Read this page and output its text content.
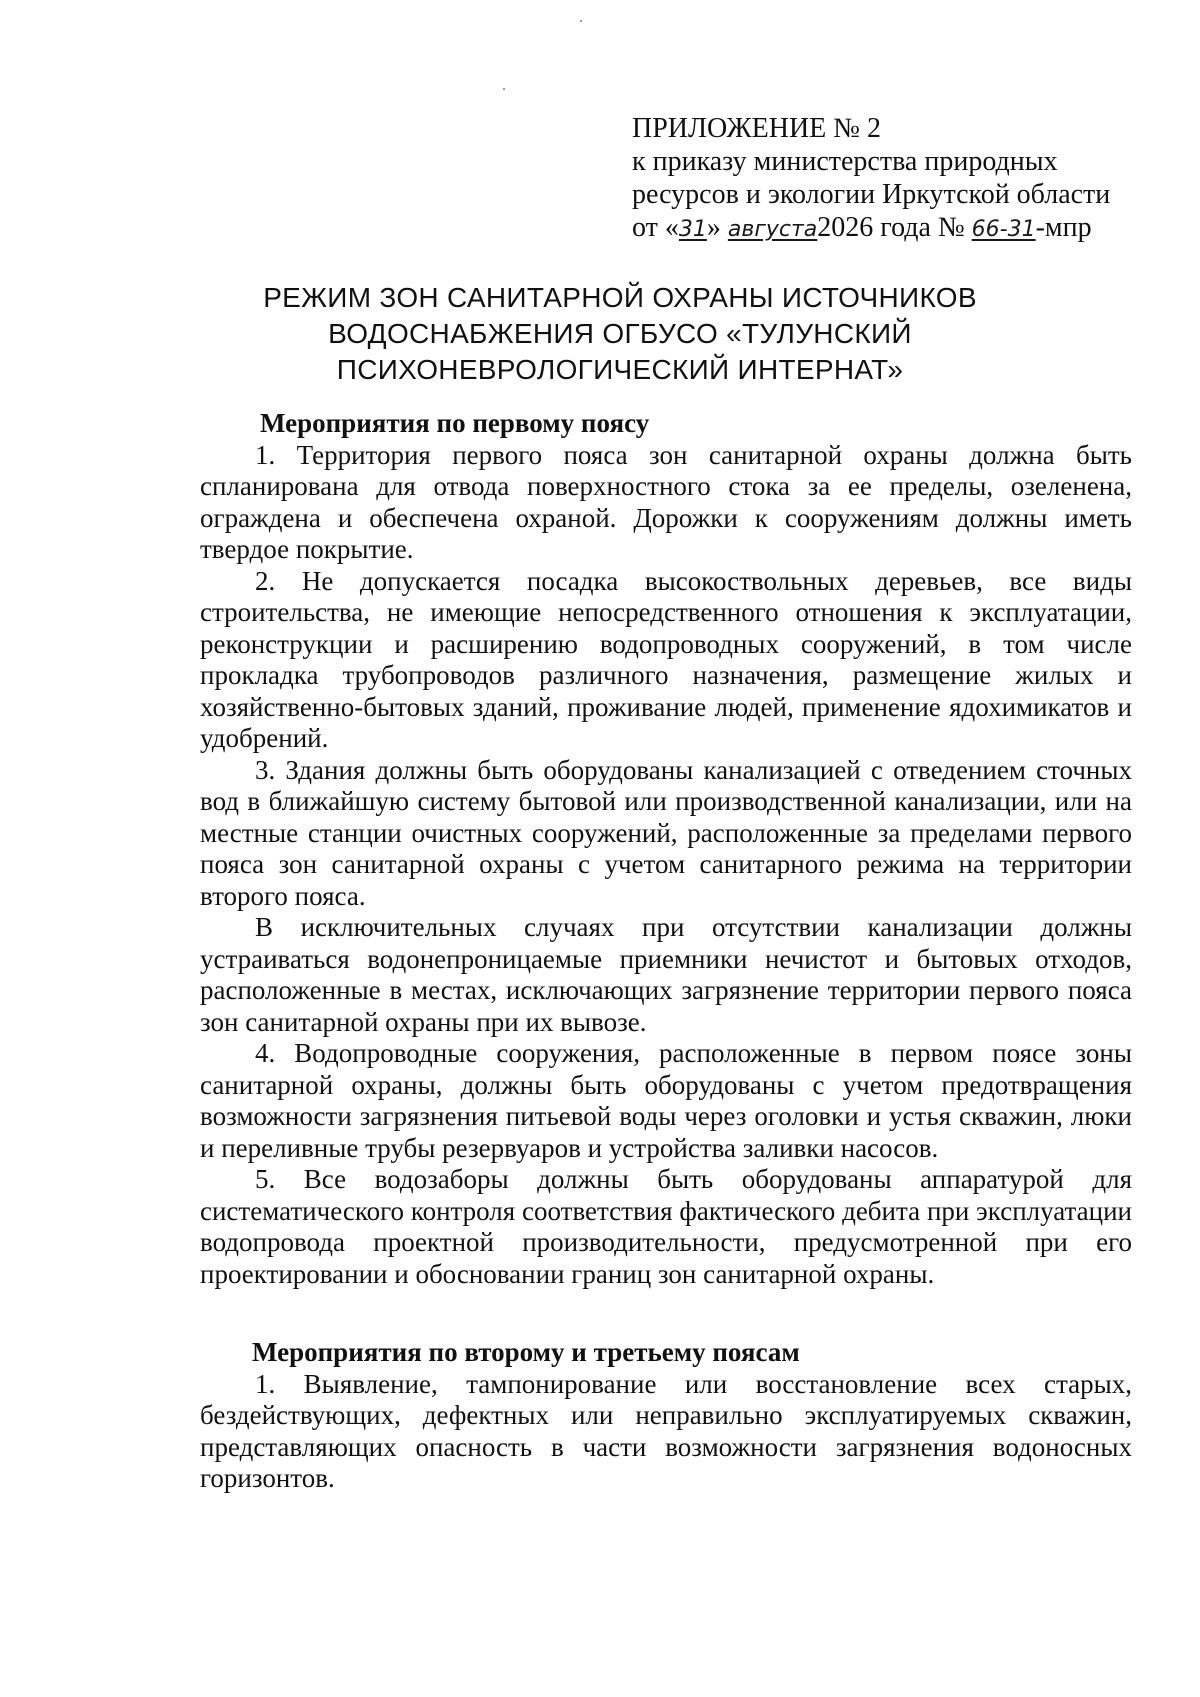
ПРИЛОЖЕНИЕ № 2
к приказу министерства природных
ресурсов и экологии Иркутской области
от «31» августа2026 года № 66-31-мпр
РЕЖИМ ЗОН САНИТАРНОЙ ОХРАНЫ ИСТОЧНИКОВ
ВОДОСНАБЖЕНИЯ ОГБУСО «ТУЛУНСКИЙ
ПСИХОНЕВРОЛОГИЧЕСКИЙ ИНТЕРНАТ»
Мероприятия по первому поясу

1. Территория первого пояса зон санитарной охраны должна быть спланирована для отвода поверхностного стока за ее пределы, озеленена, ограждена и обеспечена охраной. Дорожки к сооружениям должны иметь твердое покрытие.

2. Не допускается посадка высокоствольных деревьев, все виды строительства, не имеющие непосредственного отношения к эксплуатации, реконструкции и расширению водопроводных сооружений, в том числе прокладка трубопроводов различного назначения, размещение жилых и хозяйственно-бытовых зданий, проживание людей, применение ядохимикатов и удобрений.

3. Здания должны быть оборудованы канализацией с отведением сточных вод в ближайшую систему бытовой или производственной канализации, или на местные станции очистных сооружений, расположенные за пределами первого пояса зон санитарной охраны с учетом санитарного режима на территории второго пояса.

В исключительных случаях при отсутствии канализации должны устраиваться водонепроницаемые приемники нечистот и бытовых отходов, расположенные в местах, исключающих загрязнение территории первого пояса зон санитарной охраны при их вывозе.

4. Водопроводные сооружения, расположенные в первом поясе зоны санитарной охраны, должны быть оборудованы с учетом предотвращения возможности загрязнения питьевой воды через оголовки и устья скважин, люки и переливные трубы резервуаров и устройства заливки насосов.

5. Все водозаборы должны быть оборудованы аппаратурой для систематического контроля соответствия фактического дебита при эксплуатации водопровода проектной производительности, предусмотренной при его проектировании и обосновании границ зон санитарной охраны.

Мероприятия по второму и третьему поясам

1. Выявление, тампонирование или восстановление всех старых, бездействующих, дефектных или неправильно эксплуатируемых скважин, представляющих опасность в части возможности загрязнения водоносных горизонтов.
